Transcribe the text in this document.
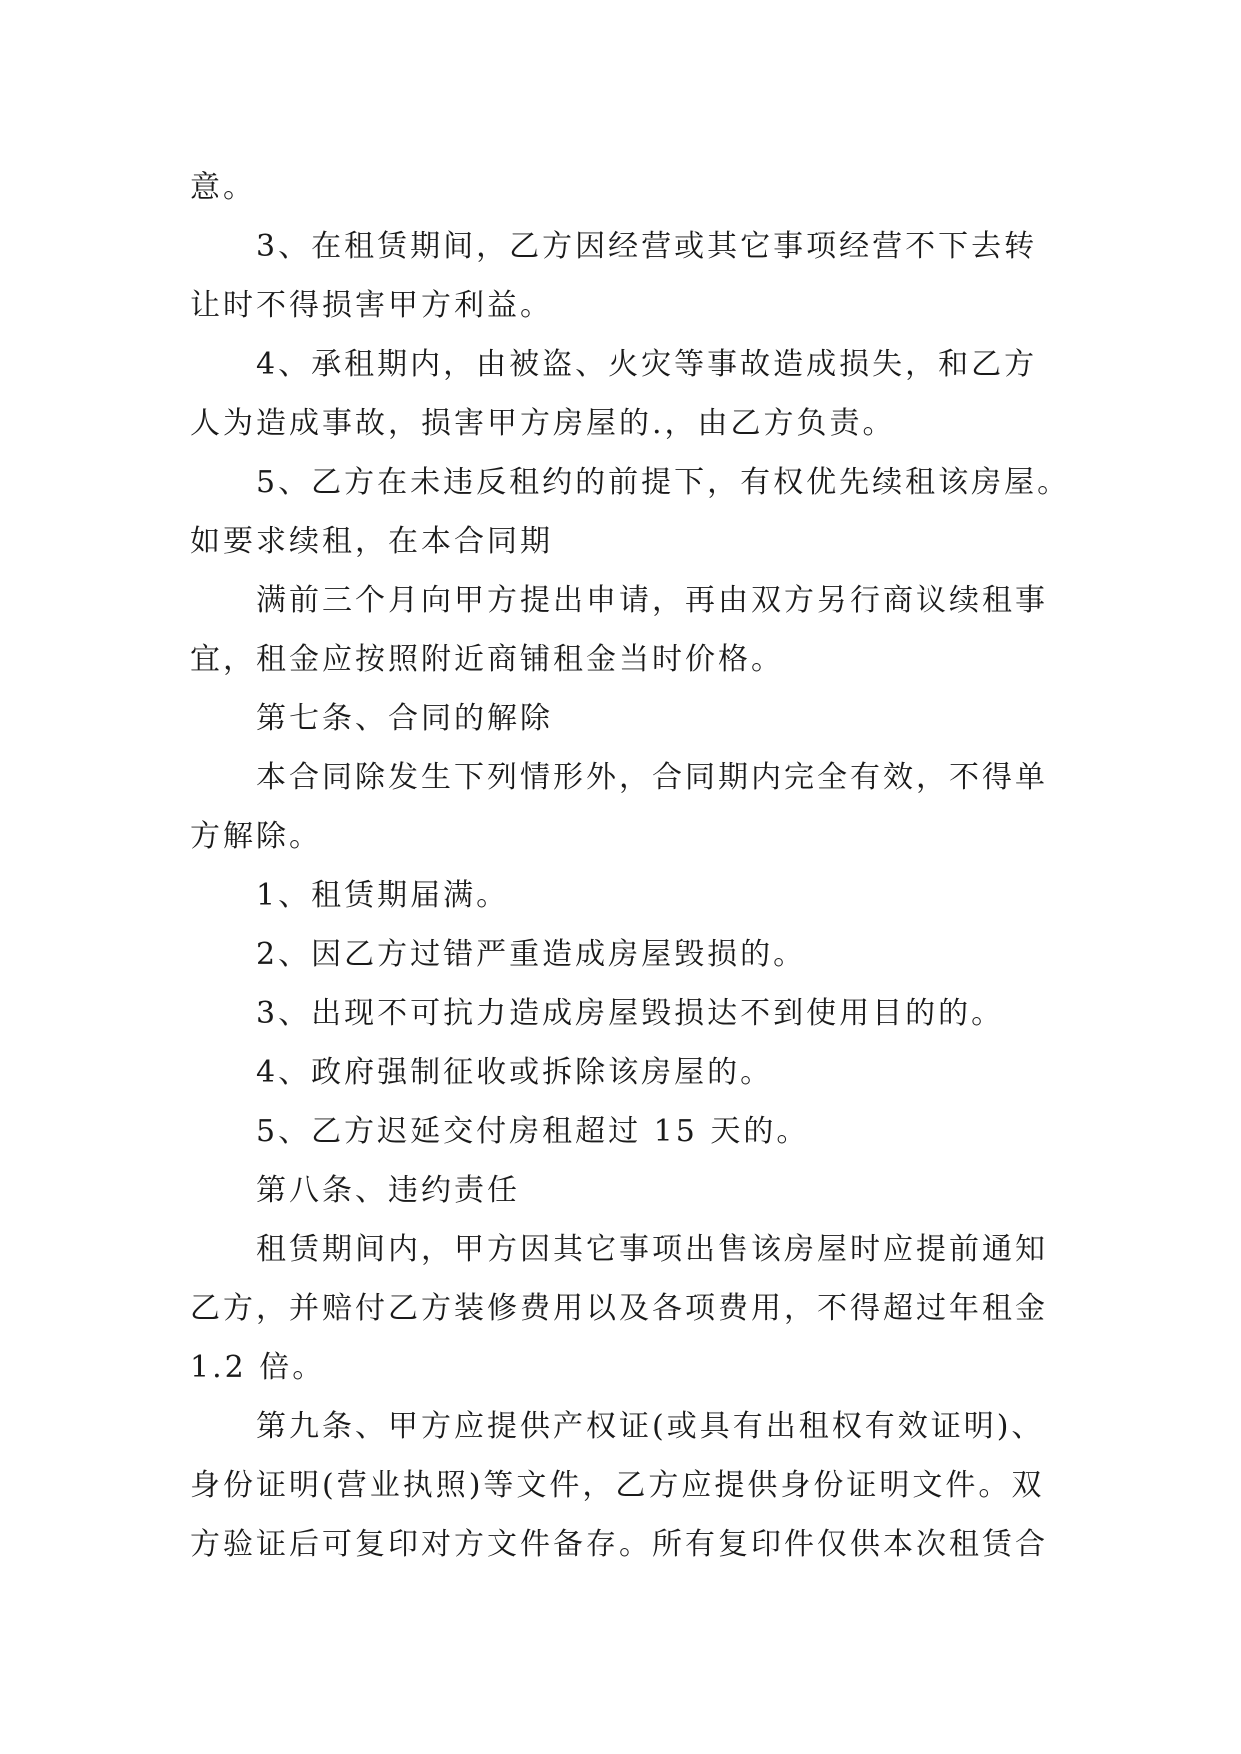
意。
3、在租赁期间，乙方因经营或其它事项经营不下去转
让时不得损害甲方利益。
4、承租期内，由被盗、火灾等事故造成损失，和乙方
人为造成事故，损害甲方房屋的.，由乙方负责。
5、乙方在未违反租约的前提下，有权优先续租该房屋。
如要求续租，在本合同期
满前三个月向甲方提出申请，再由双方另行商议续租事
宜，租金应按照附近商铺租金当时价格。
第七条、合同的解除
本合同除发生下列情形外，合同期内完全有效，不得单
方解除。
1、租赁期届满。
2、因乙方过错严重造成房屋毁损的。
3、出现不可抗力造成房屋毁损达不到使用目的的。
4、政府强制征收或拆除该房屋的。
5、乙方迟延交付房租超过 15 天的。
第八条、违约责任
租赁期间内，甲方因其它事项出售该房屋时应提前通知
乙方，并赔付乙方装修费用以及各项费用，不得超过年租金
1.2 倍。
第九条、甲方应提供产权证(或具有出租权有效证明)、
身份证明(营业执照)等文件，乙方应提供身份证明文件。双
方验证后可复印对方文件备存。所有复印件仅供本次租赁合
